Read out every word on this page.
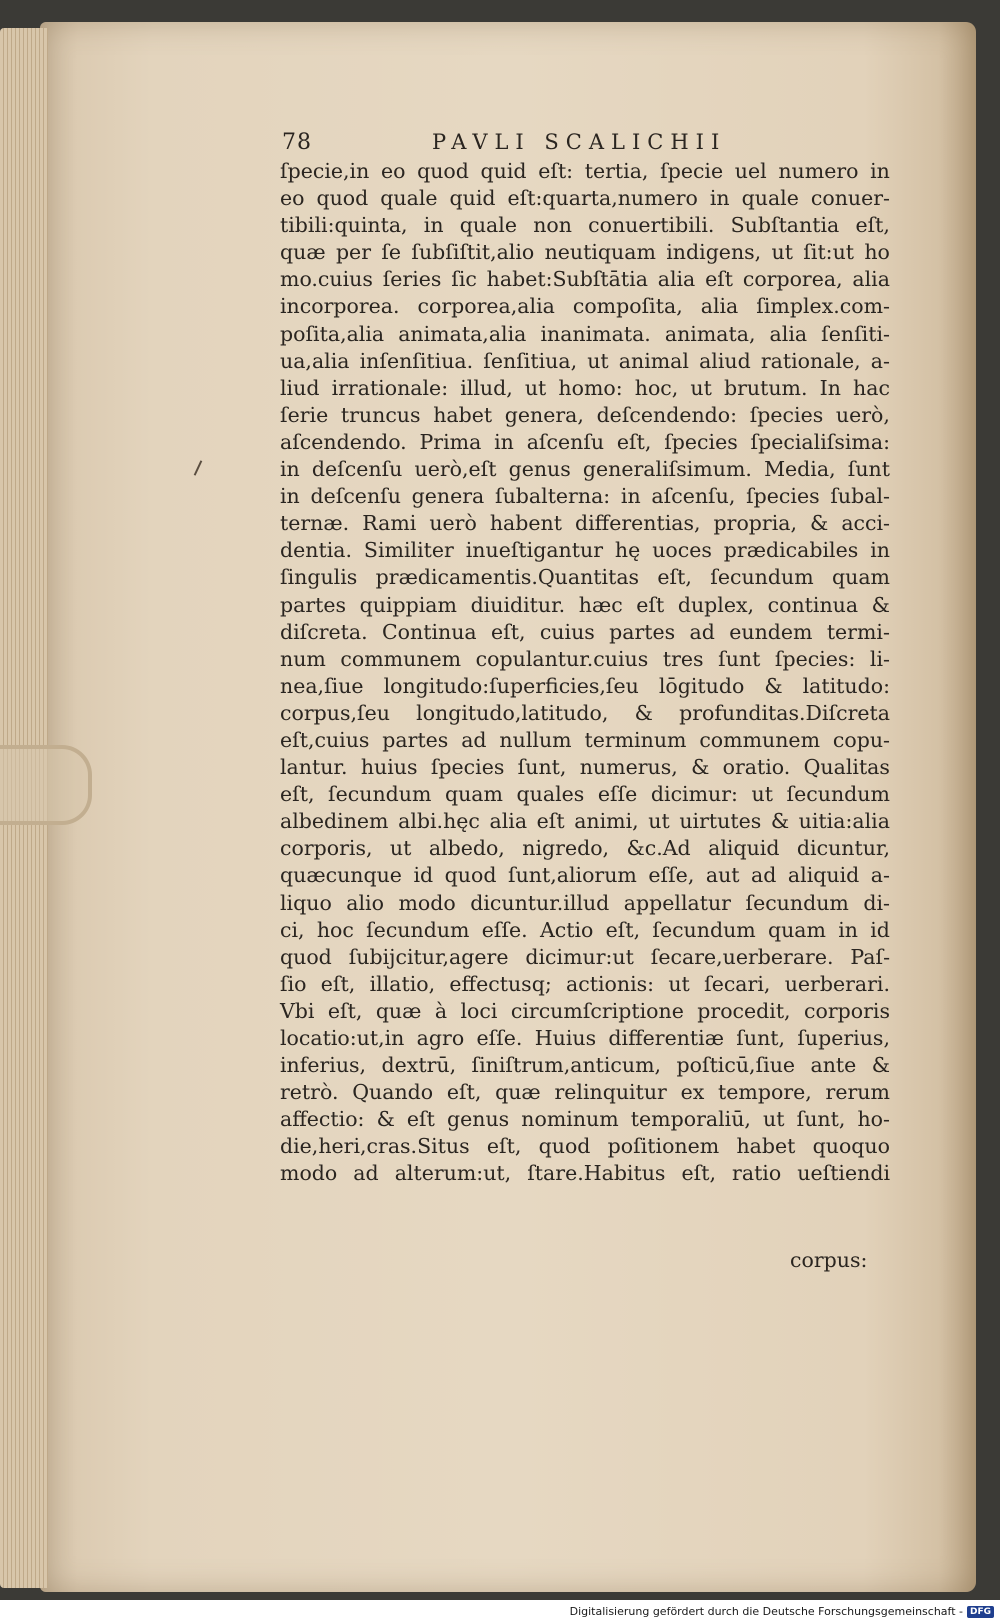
78	PAVLI SCALICHII
ſpecie,in eo quod quid eſt: tertia, ſpecie uel numero in
eo quod quale quid eſt:quarta,numero in quale conuer-
tibili:quinta, in quale non conuertibili. Subſtantia eſt,
quæ per ſe ſubſiſtit,alio neutiquam indigens, ut ſit:ut ho
mo.cuius ſeries ſic habet:Subſtātia alia eſt corporea, alia
incorporea. corporea,alia compoſita, alia ſimplex.com-
poſita,alia animata,alia inanimata. animata, alia ſenſiti-
ua,alia inſenſitiua. ſenſitiua, ut animal aliud rationale, a-
liud irrationale: illud, ut homo: hoc, ut brutum. In hac
ſerie truncus habet genera, deſcendendo: ſpecies uerò,
aſcendendo. Prima in aſcenſu eſt, ſpecies ſpecialiſsima:
in deſcenſu uerò,eſt genus generaliſsimum. Media, ſunt
in deſcenſu genera ſubalterna: in aſcenſu, ſpecies ſubal-
ternæ. Rami uerò habent differentias, propria, & acci-
dentia. Similiter inueſtigantur hę uoces prædicabiles in
ſingulis prædicamentis.Quantitas eſt, ſecundum quam
partes quippiam diuiditur. hæc eſt duplex, continua &
diſcreta. Continua eſt, cuius partes ad eundem termi-
num communem copulantur.cuius tres ſunt ſpecies: li-
nea,ſiue longitudo:ſuperficies,ſeu lōgitudo & latitudo:
corpus,ſeu longitudo,latitudo, & profunditas.Diſcreta
eſt,cuius partes ad nullum terminum communem copu-
lantur. huius ſpecies ſunt, numerus, & oratio. Qualitas
eſt, ſecundum quam quales eſſe dicimur: ut ſecundum
albedinem albi.hęc alia eſt animi, ut uirtutes & uitia:alia
corporis, ut albedo, nigredo, &c.Ad aliquid dicuntur,
quæcunque id quod ſunt,aliorum eſſe, aut ad aliquid a-
liquo alio modo dicuntur.illud appellatur ſecundum di-
ci, hoc ſecundum eſſe. Actio eſt, ſecundum quam in id
quod ſubijcitur,agere dicimur:ut ſecare,uerberare. Paſ-
ſio eſt, illatio, effectusq; actionis: ut ſecari, uerberari.
Vbi eſt, quæ à loci circumſcriptione procedit, corporis
locatio:ut,in agro eſſe. Huius differentiæ ſunt, ſuperius,
inferius, dextrū, ſiniſtrum,anticum, poſticū,ſiue ante &
retrò. Quando eſt, quæ relinquitur ex tempore, rerum
affectio: & eſt genus nominum temporaliū, ut ſunt, ho-
die,heri,cras.Situs eſt, quod poſitionem habet quoquo
modo ad alterum:ut, ſtare.Habitus eſt, ratio ueſtiendi
corpus:
Digitalisierung gefördert durch die Deutsche Forschungsgemeinschaft - DFG
